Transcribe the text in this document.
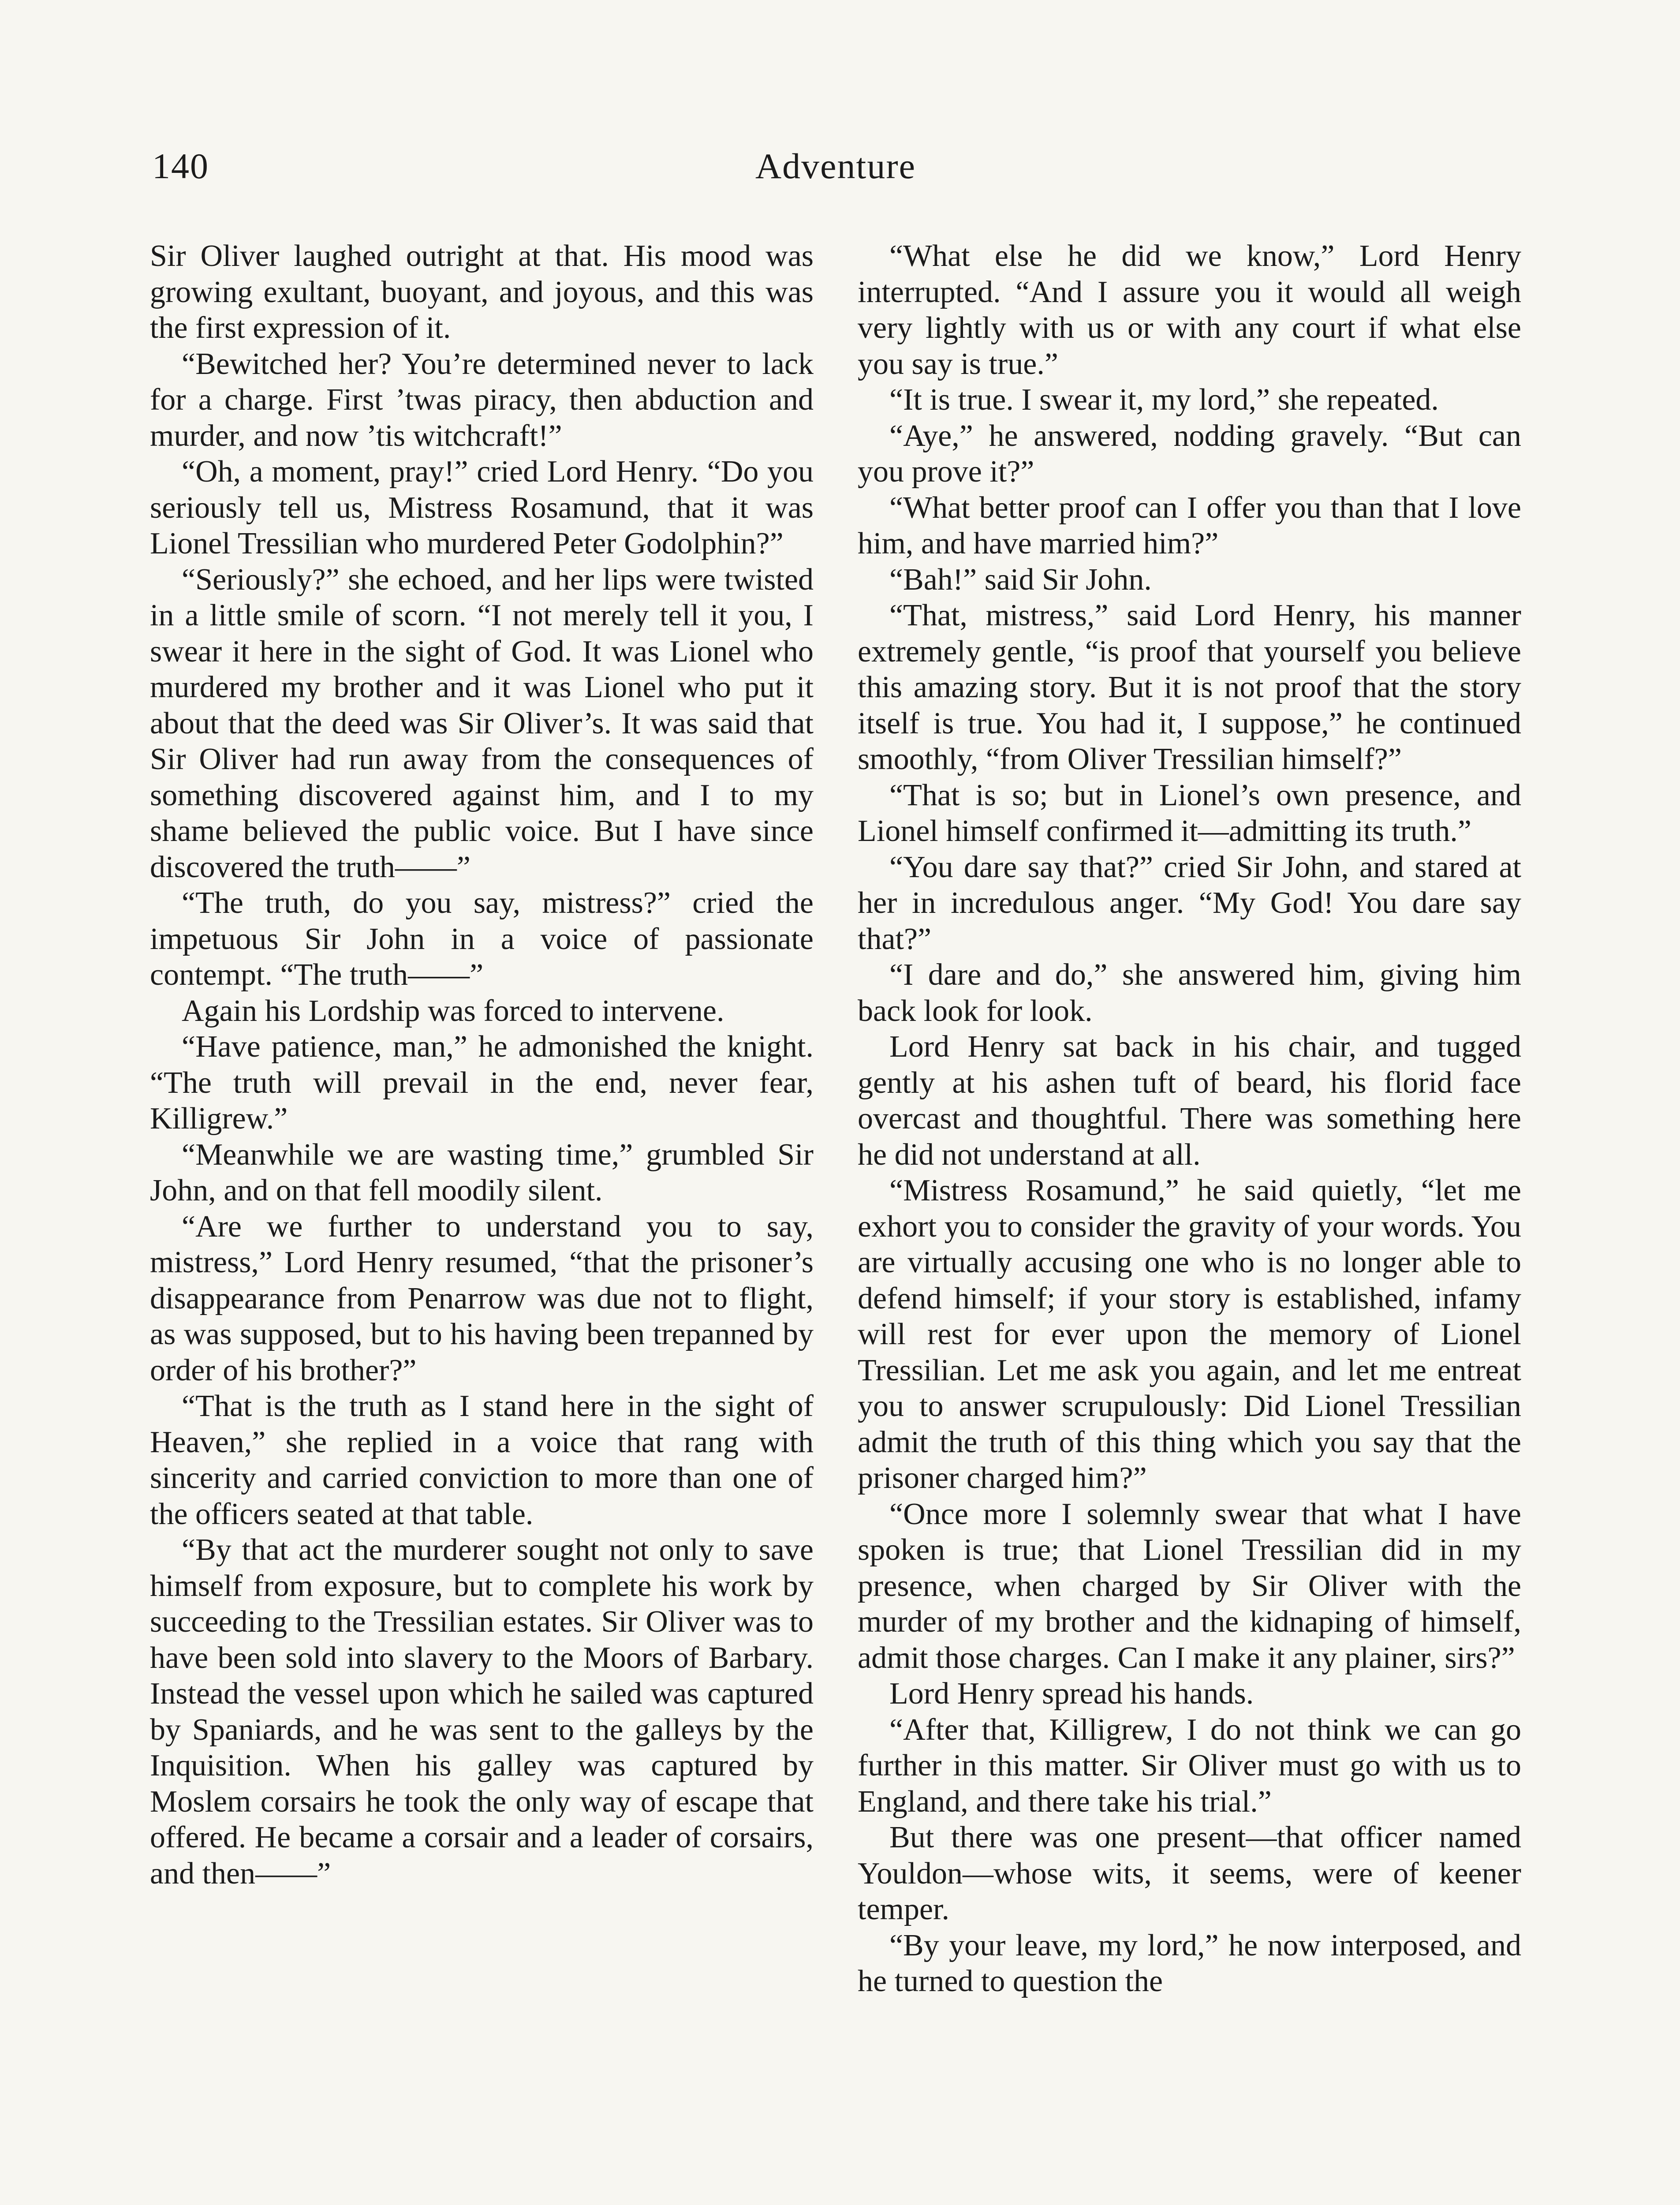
140	Adventure

Sir Oliver laughed outright at that. His mood was growing exultant, buoyant, and joyous, and this was the first expression of it.

“Bewitched her? You’re determined never to lack for a charge. First ’twas piracy, then abduction and murder, and now ’tis witchcraft!”

“Oh, a moment, pray!” cried Lord Henry. “Do you seriously tell us, Mistress Rosamund, that it was Lionel Tressilian who murdered Peter Godolphin?”

“Seriously?” she echoed, and her lips were twisted in a little smile of scorn. “I not merely tell it you, I swear it here in the sight of God. It was Lionel who murdered my brother and it was Lionel who put it about that the deed was Sir Oliver’s. It was said that Sir Oliver had run away from the consequences of something discovered against him, and I to my shame believed the public voice. But I have since discovered the truth——”

“The truth, do you say, mistress?” cried the impetuous Sir John in a voice of passionate contempt. “The truth——”

Again his Lordship was forced to intervene.

“Have patience, man,” he admonished the knight. “The truth will prevail in the end, never fear, Killigrew.”

“Meanwhile we are wasting time,” grumbled Sir John, and on that fell moodily silent.

“Are we further to understand you to say, mistress,” Lord Henry resumed, “that the prisoner’s disappearance from Penarrow was due not to flight, as was supposed, but to his having been trepanned by order of his brother?”

“That is the truth as I stand here in the sight of Heaven,” she replied in a voice that rang with sincerity and carried conviction to more than one of the officers seated at that table.

“By that act the murderer sought not only to save himself from exposure, but to complete his work by succeeding to the Tressilian estates. Sir Oliver was to have been sold into slavery to the Moors of Barbary. Instead the vessel upon which he sailed was captured by Spaniards, and he was sent to the galleys by the Inquisition. When his galley was captured by Moslem corsairs he took the only way of escape that offered. He became a corsair and a leader of corsairs, and then——”

“What else he did we know,” Lord Henry interrupted. “And I assure you it would all weigh very lightly with us or with any court if what else you say is true.”

“It is true. I swear it, my lord,” she repeated.

“Aye,” he answered, nodding gravely. “But can you prove it?”

“What better proof can I offer you than that I love him, and have married him?”

“Bah!” said Sir John.

“That, mistress,” said Lord Henry, his manner extremely gentle, “is proof that yourself you believe this amazing story. But it is not proof that the story itself is true. You had it, I suppose,” he continued smoothly, “from Oliver Tressilian himself?”

“That is so; but in Lionel’s own presence, and Lionel himself confirmed it—admitting its truth.”

“You dare say that?” cried Sir John, and stared at her in incredulous anger. “My God! You dare say that?”

“I dare and do,” she answered him, giving him back look for look.

Lord Henry sat back in his chair, and tugged gently at his ashen tuft of beard, his florid face overcast and thoughtful. There was something here he did not understand at all.

“Mistress Rosamund,” he said quietly, “let me exhort you to consider the gravity of your words. You are virtually accusing one who is no longer able to defend himself; if your story is established, infamy will rest for ever upon the memory of Lionel Tressilian. Let me ask you again, and let me entreat you to answer scrupulously: Did Lionel Tressilian admit the truth of this thing which you say that the prisoner charged him?”

“Once more I solemnly swear that what I have spoken is true; that Lionel Tressilian did in my presence, when charged by Sir Oliver with the murder of my brother and the kidnaping of himself, admit those charges. Can I make it any plainer, sirs?”

Lord Henry spread his hands.

“After that, Killigrew, I do not think we can go further in this matter. Sir Oliver must go with us to England, and there take his trial.”

But there was one present—that officer named Youldon—whose wits, it seems, were of keener temper.

“By your leave, my lord,” he now interposed, and he turned to question the
